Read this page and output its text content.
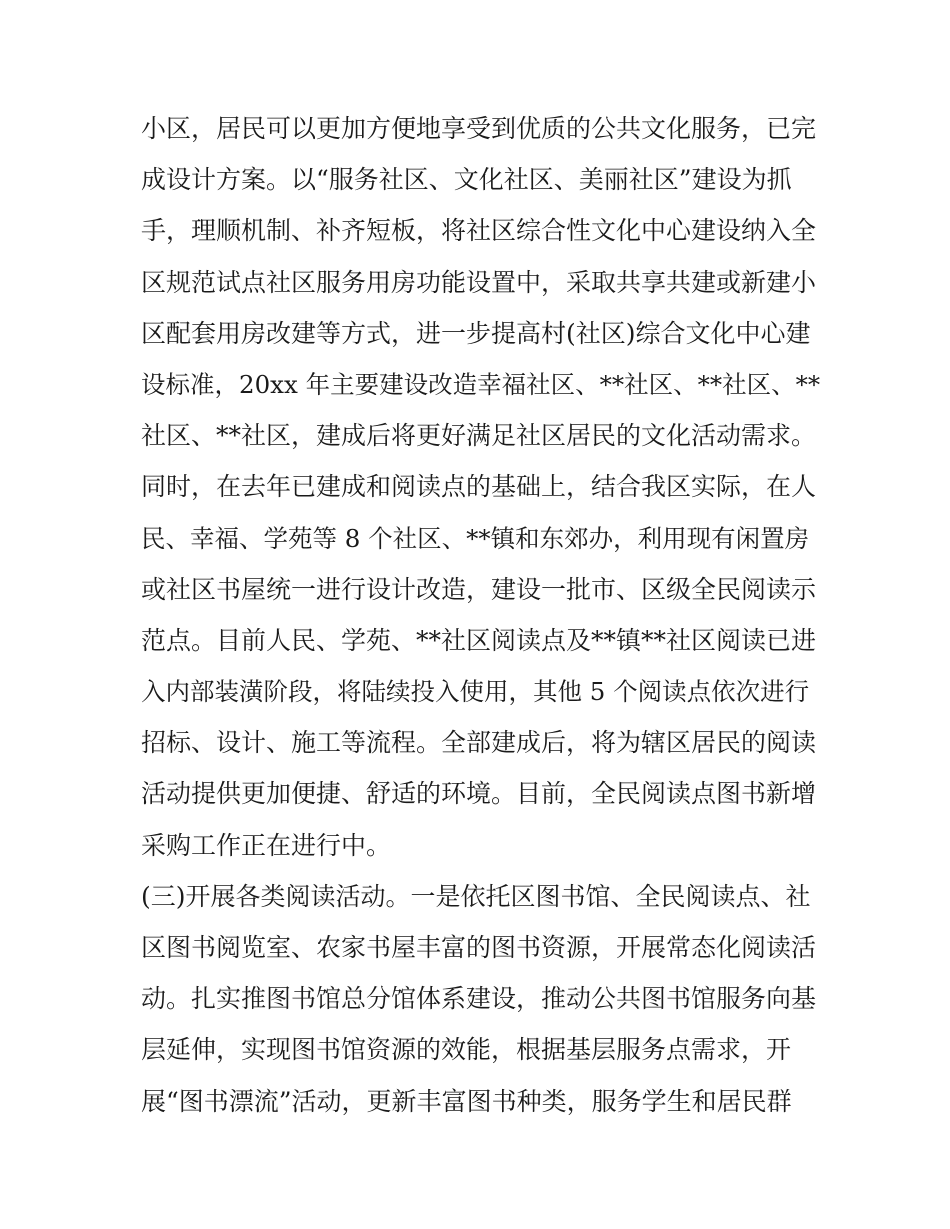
小区，居民可以更加方便地享受到优质的公共文化服务，已完
成设计方案。以“服务社区、文化社区、美丽社区”建设为抓
手，理顺机制、补齐短板，将社区综合性文化中心建设纳入全
区规范试点社区服务用房功能设置中，采取共享共建或新建小
区配套用房改建等方式，进一步提高村(社区)综合文化中心建
设标准，20xx 年主要建设改造幸福社区、**社区、**社区、**
社区、**社区，建成后将更好满足社区居民的文化活动需求。
同时，在去年已建成和阅读点的基础上，结合我区实际，在人
民、幸福、学苑等 8 个社区、**镇和东郊办，利用现有闲置房
或社区书屋统一进行设计改造，建设一批市、区级全民阅读示
范点。目前人民、学苑、**社区阅读点及**镇**社区阅读已进
入内部装潢阶段，将陆续投入使用，其他 5 个阅读点依次进行
招标、设计、施工等流程。全部建成后，将为辖区居民的阅读
活动提供更加便捷、舒适的环境。目前，全民阅读点图书新增
采购工作正在进行中。
(三)开展各类阅读活动。一是依托区图书馆、全民阅读点、社
区图书阅览室、农家书屋丰富的图书资源，开展常态化阅读活
动。扎实推图书馆总分馆体系建设，推动公共图书馆服务向基
层延伸，实现图书馆资源的效能，根据基层服务点需求，开
展“图书漂流”活动，更新丰富图书种类，服务学生和居民群
